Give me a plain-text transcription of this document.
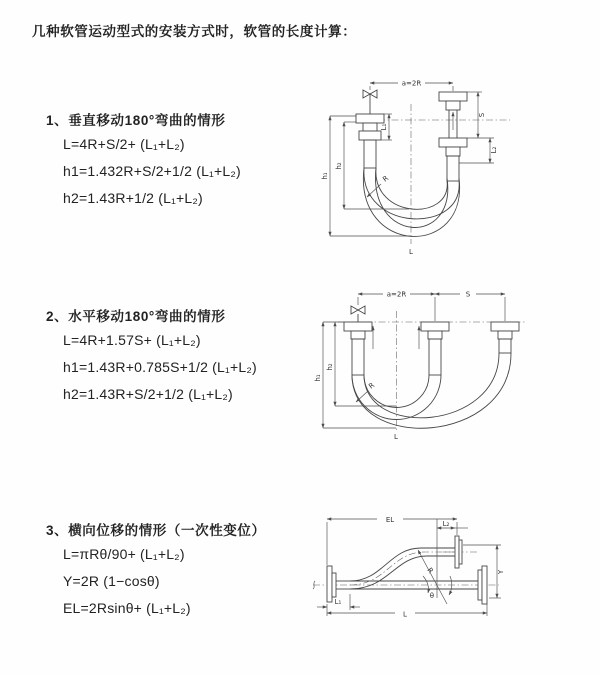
几种软管运动型式的安装方式时，软管的长度计算：
1、垂直移动180°弯曲的情形
L=4R+S/2+ (L₁+L₂)
h1=1.432R+S/2+1/2 (L₁+L₂)
h2=1.43R+1/2 (L₁+L₂)
2、水平移动180°弯曲的情形
L=4R+1.57S+ (L₁+L₂)
h1=1.43R+0.785S+1/2 (L₁+L₂)
h2=1.43R+S/2+1/2 (L₁+L₂)
3、横向位移的情形（一次性变位）
L=πRθ/90+ (L₁+L₂)
Y=2R (1−cosθ)
EL=2Rsinθ+ (L₁+L₂)
a=2R
L₁
S
L₂
h₁
h₂
R
L
a=2R	S
h₁
h₂
R
L
EL	L₂
R
θ
Y
L₁
L
